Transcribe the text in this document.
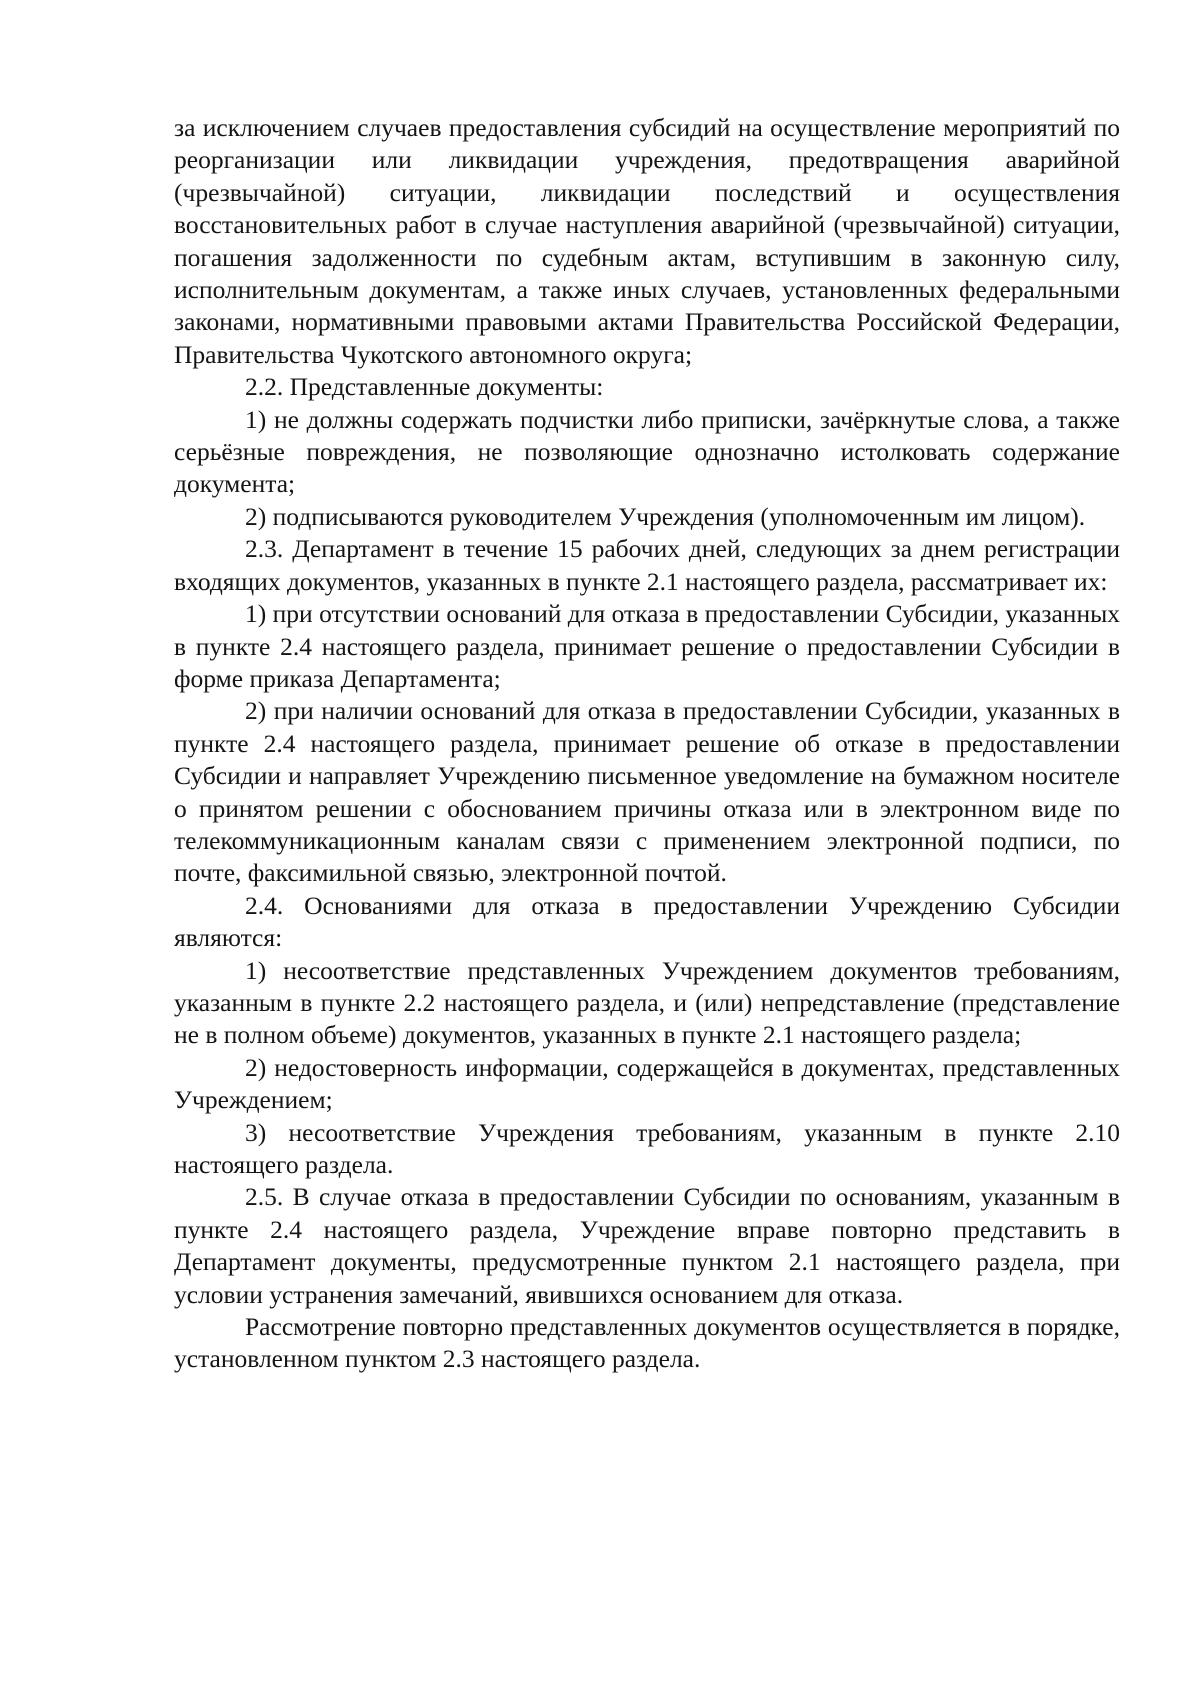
за исключением случаев предоставления субсидий на осуществление мероприятий по реорганизации или ликвидации учреждения, предотвращения аварийной (чрезвычайной) ситуации, ликвидации последствий и осуществления восстановительных работ в случае наступления аварийной (чрезвычайной) ситуации, погашения задолженности по судебным актам, вступившим в законную силу, исполнительным документам, а также иных случаев, установленных федеральными законами, нормативными правовыми актами Правительства Российской Федерации, Правительства Чукотского автономного округа;

2.2. Представленные документы:

1) не должны содержать подчистки либо приписки, зачёркнутые слова, а также серьёзные повреждения, не позволяющие однозначно истолковать содержание документа;

2) подписываются руководителем Учреждения (уполномоченным им лицом).

2.3. Департамент в течение 15 рабочих дней, следующих за днем регистрации входящих документов, указанных в пункте 2.1 настоящего раздела, рассматривает их:

1) при отсутствии оснований для отказа в предоставлении Субсидии, указанных в пункте 2.4 настоящего раздела, принимает решение о предоставлении Субсидии в форме приказа Департамента;

2) при наличии оснований для отказа в предоставлении Субсидии, указанных в пункте 2.4 настоящего раздела, принимает решение об отказе в предоставлении Субсидии и направляет Учреждению письменное уведомление на бумажном носителе о принятом решении с обоснованием причины отказа или в электронном виде по телекоммуникационным каналам связи с применением электронной подписи, по почте, факсимильной связью, электронной почтой.

2.4. Основаниями для отказа в предоставлении Учреждению Субсидии являются:

1) несоответствие представленных Учреждением документов требованиям, указанным в пункте 2.2 настоящего раздела, и (или) непредставление (представление не в полном объеме) документов, указанных в пункте 2.1 настоящего раздела;

2) недостоверность информации, содержащейся в документах, представленных Учреждением;

3) несоответствие Учреждения требованиям, указанным в пункте 2.10 настоящего раздела.

2.5. В случае отказа в предоставлении Субсидии по основаниям, указанным в пункте 2.4 настоящего раздела, Учреждение вправе повторно представить в Департамент документы, предусмотренные пунктом 2.1 настоящего раздела, при условии устранения замечаний, явившихся основанием для отказа.

Рассмотрение повторно представленных документов осуществляется в порядке, установленном пунктом 2.3 настоящего раздела.
